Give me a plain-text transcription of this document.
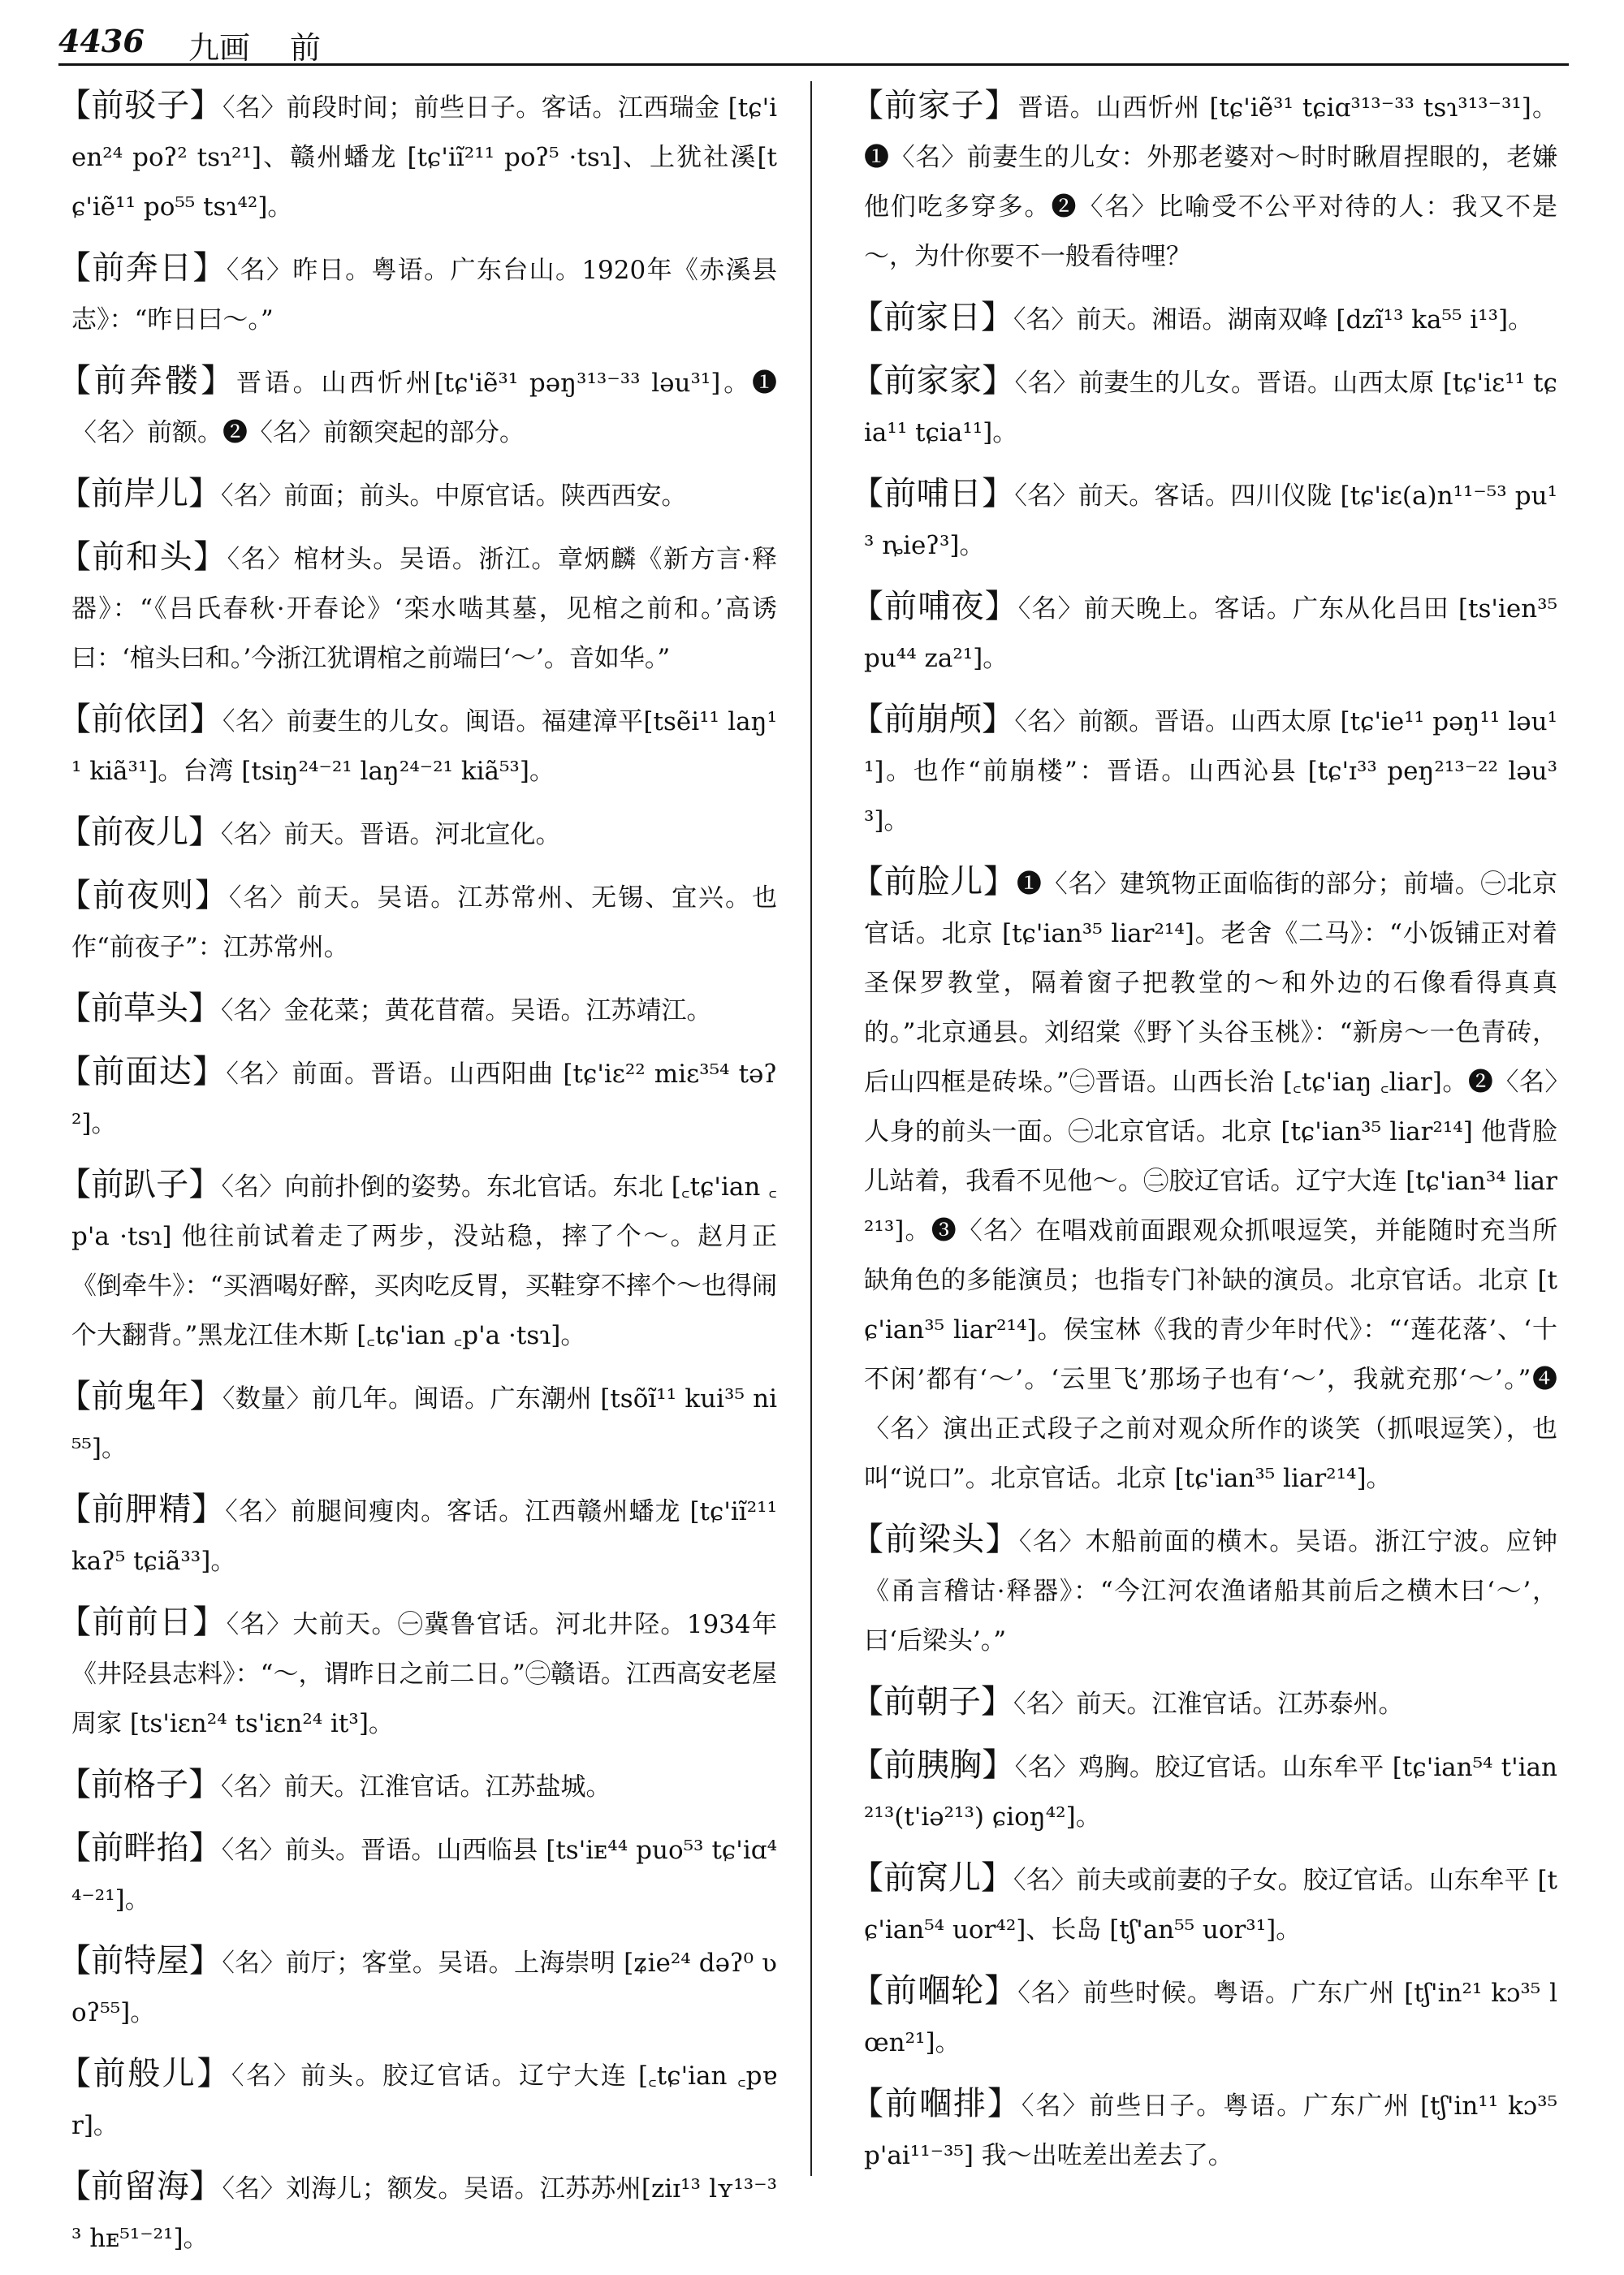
4436 九画 前

【前驳子】〈名〉前段时间；前些日子。客话。江西瑞金 [tɕ'ien²⁴ poʔ² tsɿ²¹]、赣州蟠龙 [tɕ'iĩ²¹¹ poʔ⁵ ·tsɿ]、上犹社溪[tɕ'iẽ¹¹ po⁵⁵ tsɿ⁴²]。

【前奔日】〈名〉昨日。粤语。广东台山。1920年《赤溪县志》：“昨日曰～。”

【前奔髅】晋语。山西忻州[tɕ'iẽ³¹ pəŋ³¹³⁻³³ ləu³¹]。❶〈名〉前额。❷〈名〉前额突起的部分。

【前岸儿】〈名〉前面；前头。中原官话。陕西西安。

【前和头】〈名〉棺材头。吴语。浙江。章炳麟《新方言·释器》：“《吕氏春秋·开春论》‘栾水啮其墓，见棺之前和。’高诱曰：‘棺头曰和。’今浙江犹谓棺之前端曰‘～’。音如华。”

【前依囝】〈名〉前妻生的儿女。闽语。福建漳平[tsẽi¹¹ laŋ¹¹ kiã³¹]。台湾 [tsiŋ²⁴⁻²¹ laŋ²⁴⁻²¹ kiã⁵³]。

【前夜儿】〈名〉前天。晋语。河北宣化。

【前夜则】〈名〉前天。吴语。江苏常州、无锡、宜兴。也作“前夜子”：江苏常州。

【前草头】〈名〉金花菜；黄花苜蓿。吴语。江苏靖江。

【前面达】〈名〉前面。晋语。山西阳曲 [tɕ'iɛ²² miɛ³⁵⁴ təʔ²]。

【前趴子】〈名〉向前扑倒的姿势。东北官话。东北 [꜀tɕ'ian ꜀p'a ·tsɿ] 他往前试着走了两步，没站稳，摔了个～。赵月正《倒牵牛》：“买酒喝好醉，买肉吃反胃，买鞋穿不摔个～也得闹个大翻背。”黑龙江佳木斯 [꜀tɕ'ian ꜀p'a ·tsɿ]。

【前鬼年】〈数量〉前几年。闽语。广东潮州 [tsõĩ¹¹ kui³⁵ ni⁵⁵]。

【前胛精】〈名〉前腿间瘦肉。客话。江西赣州蟠龙 [tɕ'iĩ²¹¹ kaʔ⁵ tɕiã³³]。

【前前日】〈名〉大前天。㊀冀鲁官话。河北井陉。1934年《井陉县志料》：“～，谓昨日之前二日。”㊁赣语。江西高安老屋周家 [ts'iɛn²⁴ ts'iɛn²⁴ it³]。

【前格子】〈名〉前天。江淮官话。江苏盐城。

【前畔掐】〈名〉前头。晋语。山西临县 [ts'iᴇ⁴⁴ puo⁵³ tɕ'iɑ⁴⁴⁻²¹]。

【前特屋】〈名〉前厅；客堂。吴语。上海崇明 [ʑie²⁴ dəʔ⁰ ʋoʔ⁵⁵]。

【前般儿】〈名〉前头。胶辽官话。辽宁大连 [꜀tɕ'ian ꜀pɐr]。

【前留海】〈名〉刘海儿；额发。吴语。江苏苏州[ziɪ¹³ lʏ¹³⁻³³ hᴇ⁵¹⁻²¹]。

【前家子】晋语。山西忻州 [tɕ'iẽ³¹ tɕiɑ³¹³⁻³³ tsɿ³¹³⁻³¹]。❶〈名〉前妻生的儿女：外那老婆对～时时瞅眉捏眼的，老嫌他们吃多穿多。❷〈名〉比喻受不公平对待的人：我又不是～，为什你要不一般看待哩？

【前家日】〈名〉前天。湘语。湖南双峰 [dzĩ¹³ ka⁵⁵ i¹³]。

【前家家】〈名〉前妻生的儿女。晋语。山西太原 [tɕ'iɛ¹¹ tɕia¹¹ tɕia¹¹]。

【前哺日】〈名〉前天。客话。四川仪陇 [tɕ'iɛ(a)n¹¹⁻⁵³ pu¹³ ȵieʔ³]。

【前哺夜】〈名〉前天晚上。客话。广东从化吕田 [ts'ien³⁵ pu⁴⁴ za²¹]。

【前崩颅】〈名〉前额。晋语。山西太原 [tɕ'ie¹¹ pəŋ¹¹ ləu¹¹]。也作“前崩楼”：晋语。山西沁县 [tɕ'ɪ³³ peŋ²¹³⁻²² ləu³³]。

【前脸儿】❶〈名〉建筑物正面临街的部分；前墙。㊀北京官话。北京 [tɕ'ian³⁵ liar²¹⁴]。老舍《二马》：“小饭铺正对着圣保罗教堂，隔着窗子把教堂的～和外边的石像看得真真的。”北京通县。刘绍棠《野丫头谷玉桃》：“新房～一色青砖，后山四框是砖垛。”㊁晋语。山西长治 [꜀tɕ'iaŋ ꜀liar]。❷〈名〉人身的前头一面。㊀北京官话。北京 [tɕ'ian³⁵ liar²¹⁴] 他背脸儿站着，我看不见他～。㊁胶辽官话。辽宁大连 [tɕ'ian³⁴ liar²¹³]。❸〈名〉在唱戏前面跟观众抓哏逗笑，并能随时充当所缺角色的多能演员；也指专门补缺的演员。北京官话。北京 [tɕ'ian³⁵ liar²¹⁴]。侯宝林《我的青少年时代》：“‘莲花落’、‘十不闲’都有‘～’。‘云里飞’那场子也有‘～’，我就充那‘～’。”❹〈名〉演出正式段子之前对观众所作的谈笑（抓哏逗笑），也叫“说口”。北京官话。北京 [tɕ'ian³⁵ liar²¹⁴]。

【前梁头】〈名〉木船前面的横木。吴语。浙江宁波。应钟《甬言稽诂·释器》：“今江河农渔诸船其前后之横木曰‘～’，曰‘后梁头’。”

【前朝子】〈名〉前天。江淮官话。江苏泰州。

【前胰胸】〈名〉鸡胸。胶辽官话。山东牟平 [tɕ'ian⁵⁴ t'ian²¹³(t'iə²¹³) ɕioŋ⁴²]。

【前窝儿】〈名〉前夫或前妻的子女。胶辽官话。山东牟平 [tɕ'ian⁵⁴ uor⁴²]、长岛 [tʃ'an⁵⁵ uor³¹]。

【前嗰轮】〈名〉前些时候。粤语。广东广州 [tʃ'in²¹ kɔ³⁵ lœn²¹]。

【前嗰排】〈名〉前些日子。粤语。广东广州 [tʃ'in¹¹ kɔ³⁵ p'ai¹¹⁻³⁵] 我～出咗差出差去了。
